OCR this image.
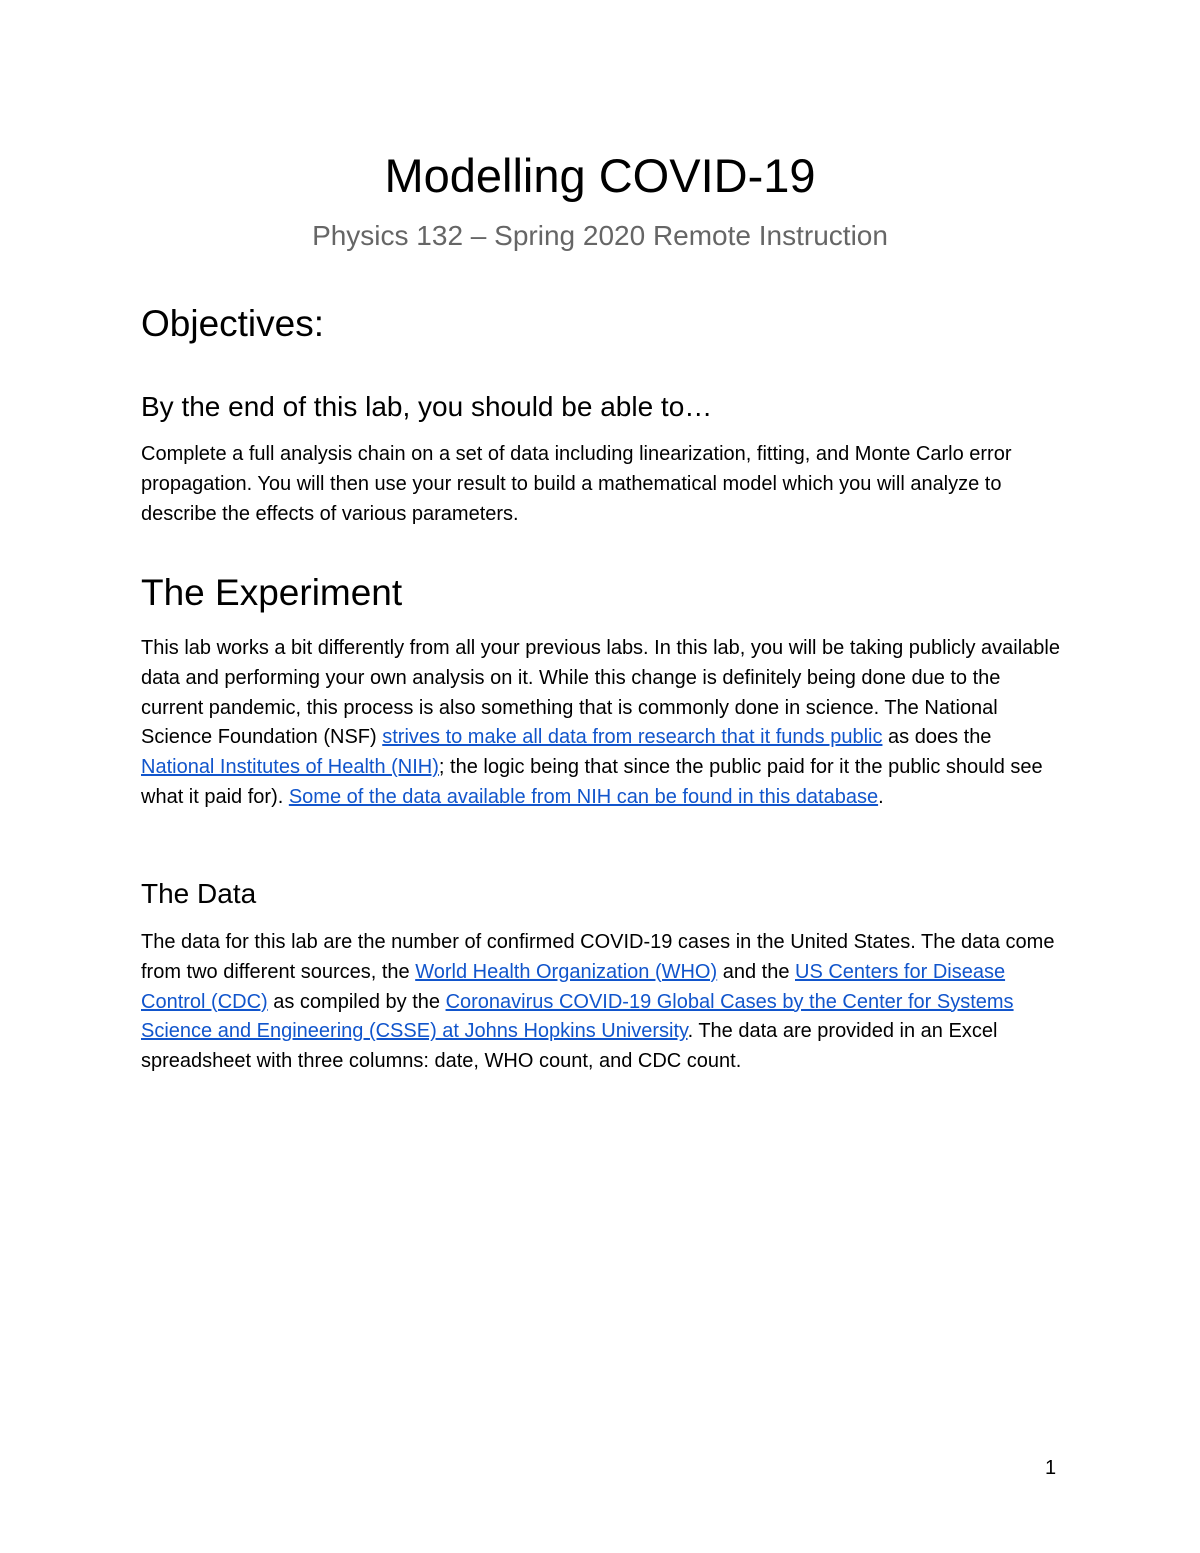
Modelling COVID-19
Physics 132 – Spring 2020 Remote Instruction
Objectives:
By the end of this lab, you should be able to…

Complete a full analysis chain on a set of data including linearization, fitting, and Monte Carlo error propagation. You will then use your result to build a mathematical model which you will analyze to describe the effects of various parameters.

The Experiment

This lab works a bit differently from all your previous labs. In this lab, you will be taking publicly available data and performing your own analysis on it. While this change is definitely being done due to the current pandemic, this process is also something that is commonly done in science. The National Science Foundation (NSF) strives to make all data from research that it funds public as does the National Institutes of Health (NIH); the logic being that since the public paid for it the public should see what it paid for). Some of the data available from NIH can be found in this database.

The Data

The data for this lab are the number of confirmed COVID-19 cases in the United States. The data come from two different sources, the World Health Organization (WHO) and the US Centers for Disease Control (CDC) as compiled by the Coronavirus COVID-19 Global Cases by the Center for Systems Science and Engineering (CSSE) at Johns Hopkins University. The data are provided in an Excel spreadsheet with three columns: date, WHO count, and CDC count.

1
